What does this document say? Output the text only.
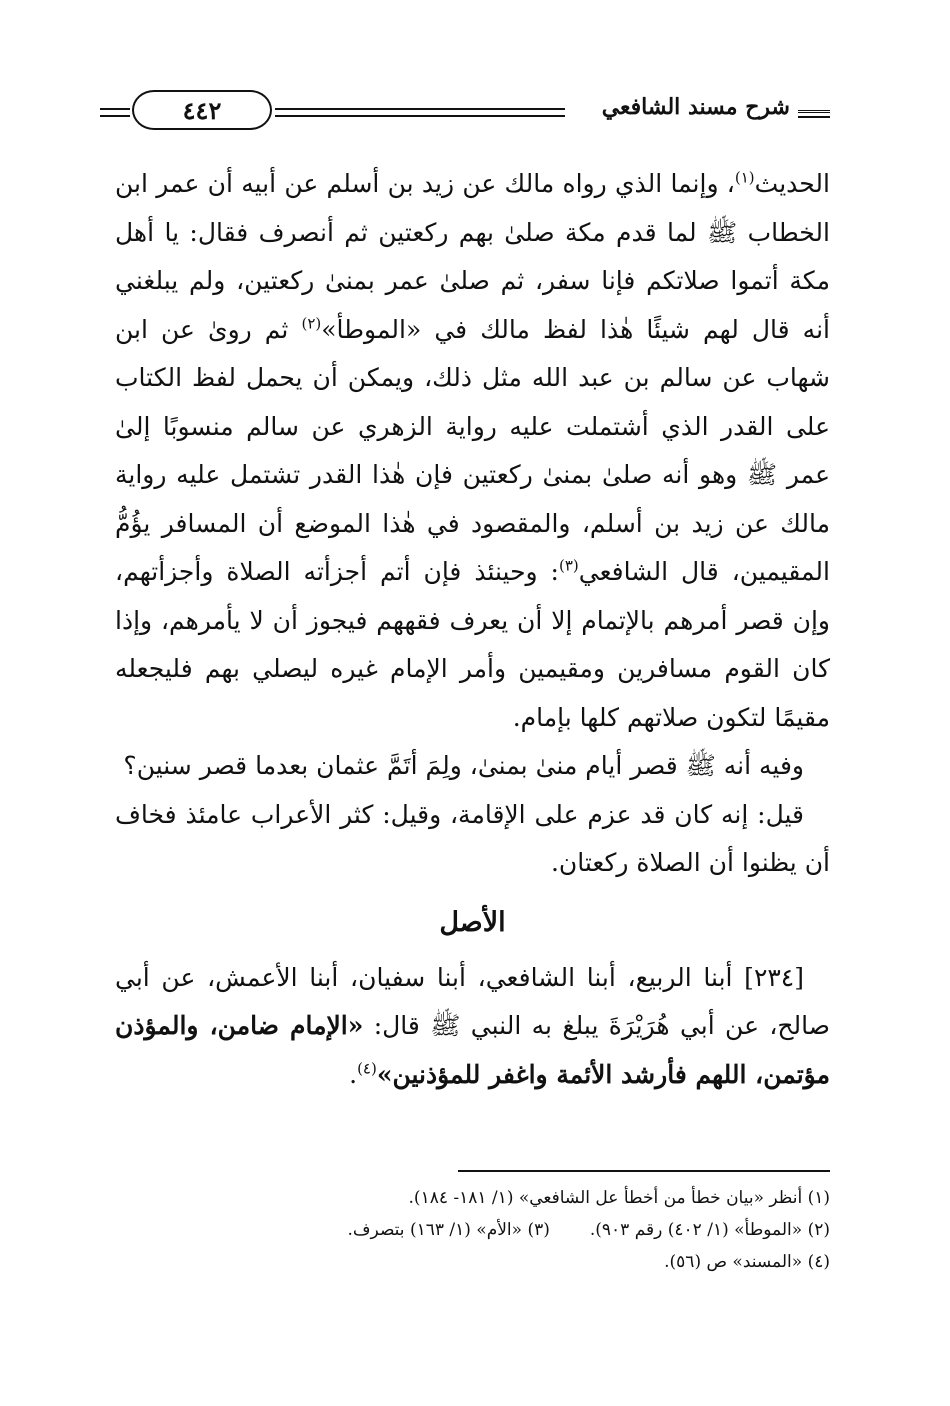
شرح مسند الشافعي
٤٤٢

الحديث$^{(١)}$، وإنما الذي رواه مالك عن زيد بن أسلم عن أبيه أن عمر ابن الخطاب ﷺ لما قدم مكة صلىٰ بهم ركعتين ثم أنصرف فقال: يا أهل مكة أتموا صلاتكم فإنا سفر، ثم صلىٰ عمر بمنىٰ ركعتين، ولم يبلغني أنه قال لهم شيئًا هٰذا لفظ مالك في «الموطأ»$^{(٢)}$ ثم روىٰ عن ابن شهاب عن سالم بن عبد الله مثل ذلك، ويمكن أن يحمل لفظ الكتاب على القدر الذي أشتملت عليه رواية الزهري عن سالم منسوبًا إلىٰ عمر ﷺ وهو أنه صلىٰ بمنىٰ ركعتين فإن هٰذا القدر تشتمل عليه رواية مالك عن زيد بن أسلم، والمقصود في هٰذا الموضع أن المسافر يؤُمُّ المقيمين، قال الشافعي$^{(٣)}$: وحينئذ فإن أتم أجزأته الصلاة وأجزأتهم، وإن قصر أمرهم بالإتمام إلا أن يعرف فقههم فيجوز أن لا يأمرهم، وإذا كان القوم مسافرين ومقيمين وأمر الإمام غيره ليصلي بهم فليجعله مقيمًا لتكون صلاتهم كلها بإمام.

وفيه أنه ﷺ قصر أيام منىٰ بمنىٰ، ولِمَ أتَمَّ عثمان بعدما قصر سنين؟

قيل: إنه كان قد عزم على الإقامة، وقيل: كثر الأعراب عامئذ فخاف أن يظنوا أن الصلاة ركعتان.

الأصل

[٢٣٤] أبنا الربيع، أبنا الشافعي، أبنا سفيان، أبنا الأعمش، عن أبي صالح، عن أبي هُرَيْرَةَ يبلغ به النبي ﷺ قال: «الإمام ضامن، والمؤذن مؤتمن، اللهم فأرشد الأئمة واغفر للمؤذنين»$^{(٤)}$.

(١) أنظر «بيان خطأ من أخطأ عل الشافعي» (١/ ١٨١- ١٨٤).
(٢) «الموطأ» (١/ ٤٠٢) رقم ٩٠٣).
(٣) «الأم» (١/ ١٦٣) بتصرف.
(٤) «المسند» ص (٥٦).
